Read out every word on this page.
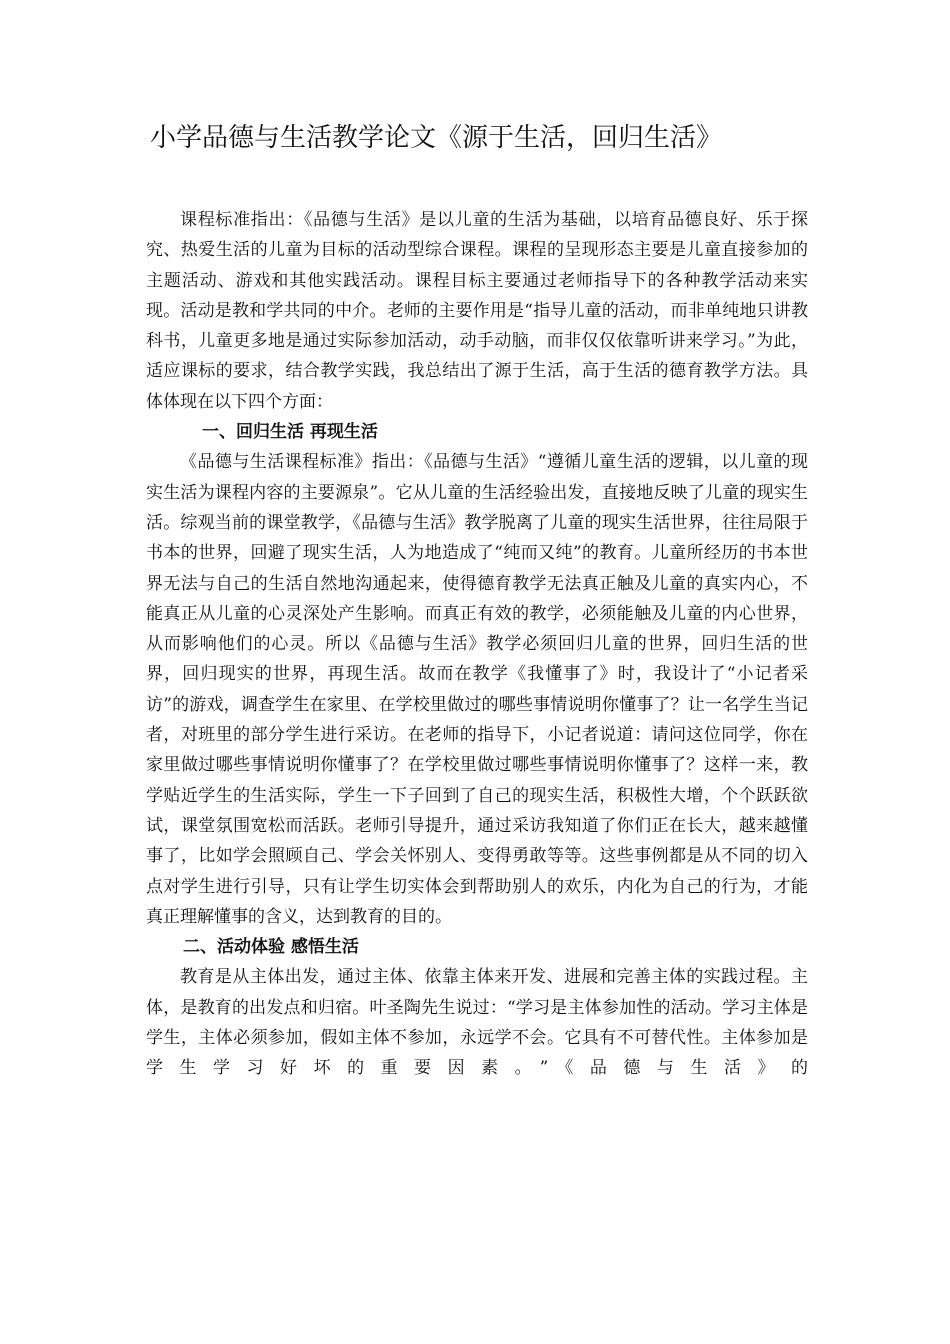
小学品德与生活教学论文《源于生活，回归生活》

课程标准指出：《品德与生活》是以儿童的生活为基础，以培育品德良好、乐于探究、热爱生活的儿童为目标的活动型综合课程。课程的呈现形态主要是儿童直接参加的主题活动、游戏和其他实践活动。课程目标主要通过老师指导下的各种教学活动来实现。活动是教和学共同的中介。老师的主要作用是“指导儿童的活动，而非单纯地只讲教科书，儿童更多地是通过实际参加活动，动手动脑，而非仅仅依靠听讲来学习。”为此，适应课标的要求，结合教学实践，我总结出了源于生活，高于生活的德育教学方法。具体体现在以下四个方面：

一、回归生活 再现生活

《品德与生活课程标准》指出：《品德与生活》“遵循儿童生活的逻辑，以儿童的现实生活为课程内容的主要源泉”。它从儿童的生活经验出发，直接地反映了儿童的现实生活。综观当前的课堂教学，《品德与生活》教学脱离了儿童的现实生活世界，往往局限于书本的世界，回避了现实生活，人为地造成了“纯而又纯”的教育。儿童所经历的书本世界无法与自己的生活自然地沟通起来，使得德育教学无法真正触及儿童的真实内心，不能真正从儿童的心灵深处产生影响。而真正有效的教学，必须能触及儿童的内心世界，从而影响他们的心灵。所以《品德与生活》教学必须回归儿童的世界，回归生活的世界，回归现实的世界，再现生活。故而在教学《我懂事了》时，我设计了“小记者采访”的游戏，调查学生在家里、在学校里做过的哪些事情说明你懂事了？让一名学生当记者，对班里的部分学生进行采访。在老师的指导下，小记者说道：请问这位同学，你在家里做过哪些事情说明你懂事了？在学校里做过哪些事情说明你懂事了？这样一来，教学贴近学生的生活实际，学生一下子回到了自己的现实生活，积极性大增，个个跃跃欲试，课堂氛围宽松而活跃。老师引导提升，通过采访我知道了你们正在长大，越来越懂事了，比如学会照顾自己、学会关怀别人、变得勇敢等等。这些事例都是从不同的切入点对学生进行引导，只有让学生切实体会到帮助别人的欢乐，内化为自己的行为，才能真正理解懂事的含义，达到教育的目的。

二、活动体验 感悟生活

教育是从主体出发，通过主体、依靠主体来开发、进展和完善主体的实践过程。主体，是教育的出发点和归宿。叶圣陶先生说过：“学习是主体参加性的活动。学习主体是学生，主体必须参加，假如主体不参加，永远学不会。它具有不可替代性。主体参加是学生学习好坏的重要因素。”《品德与生活》的
